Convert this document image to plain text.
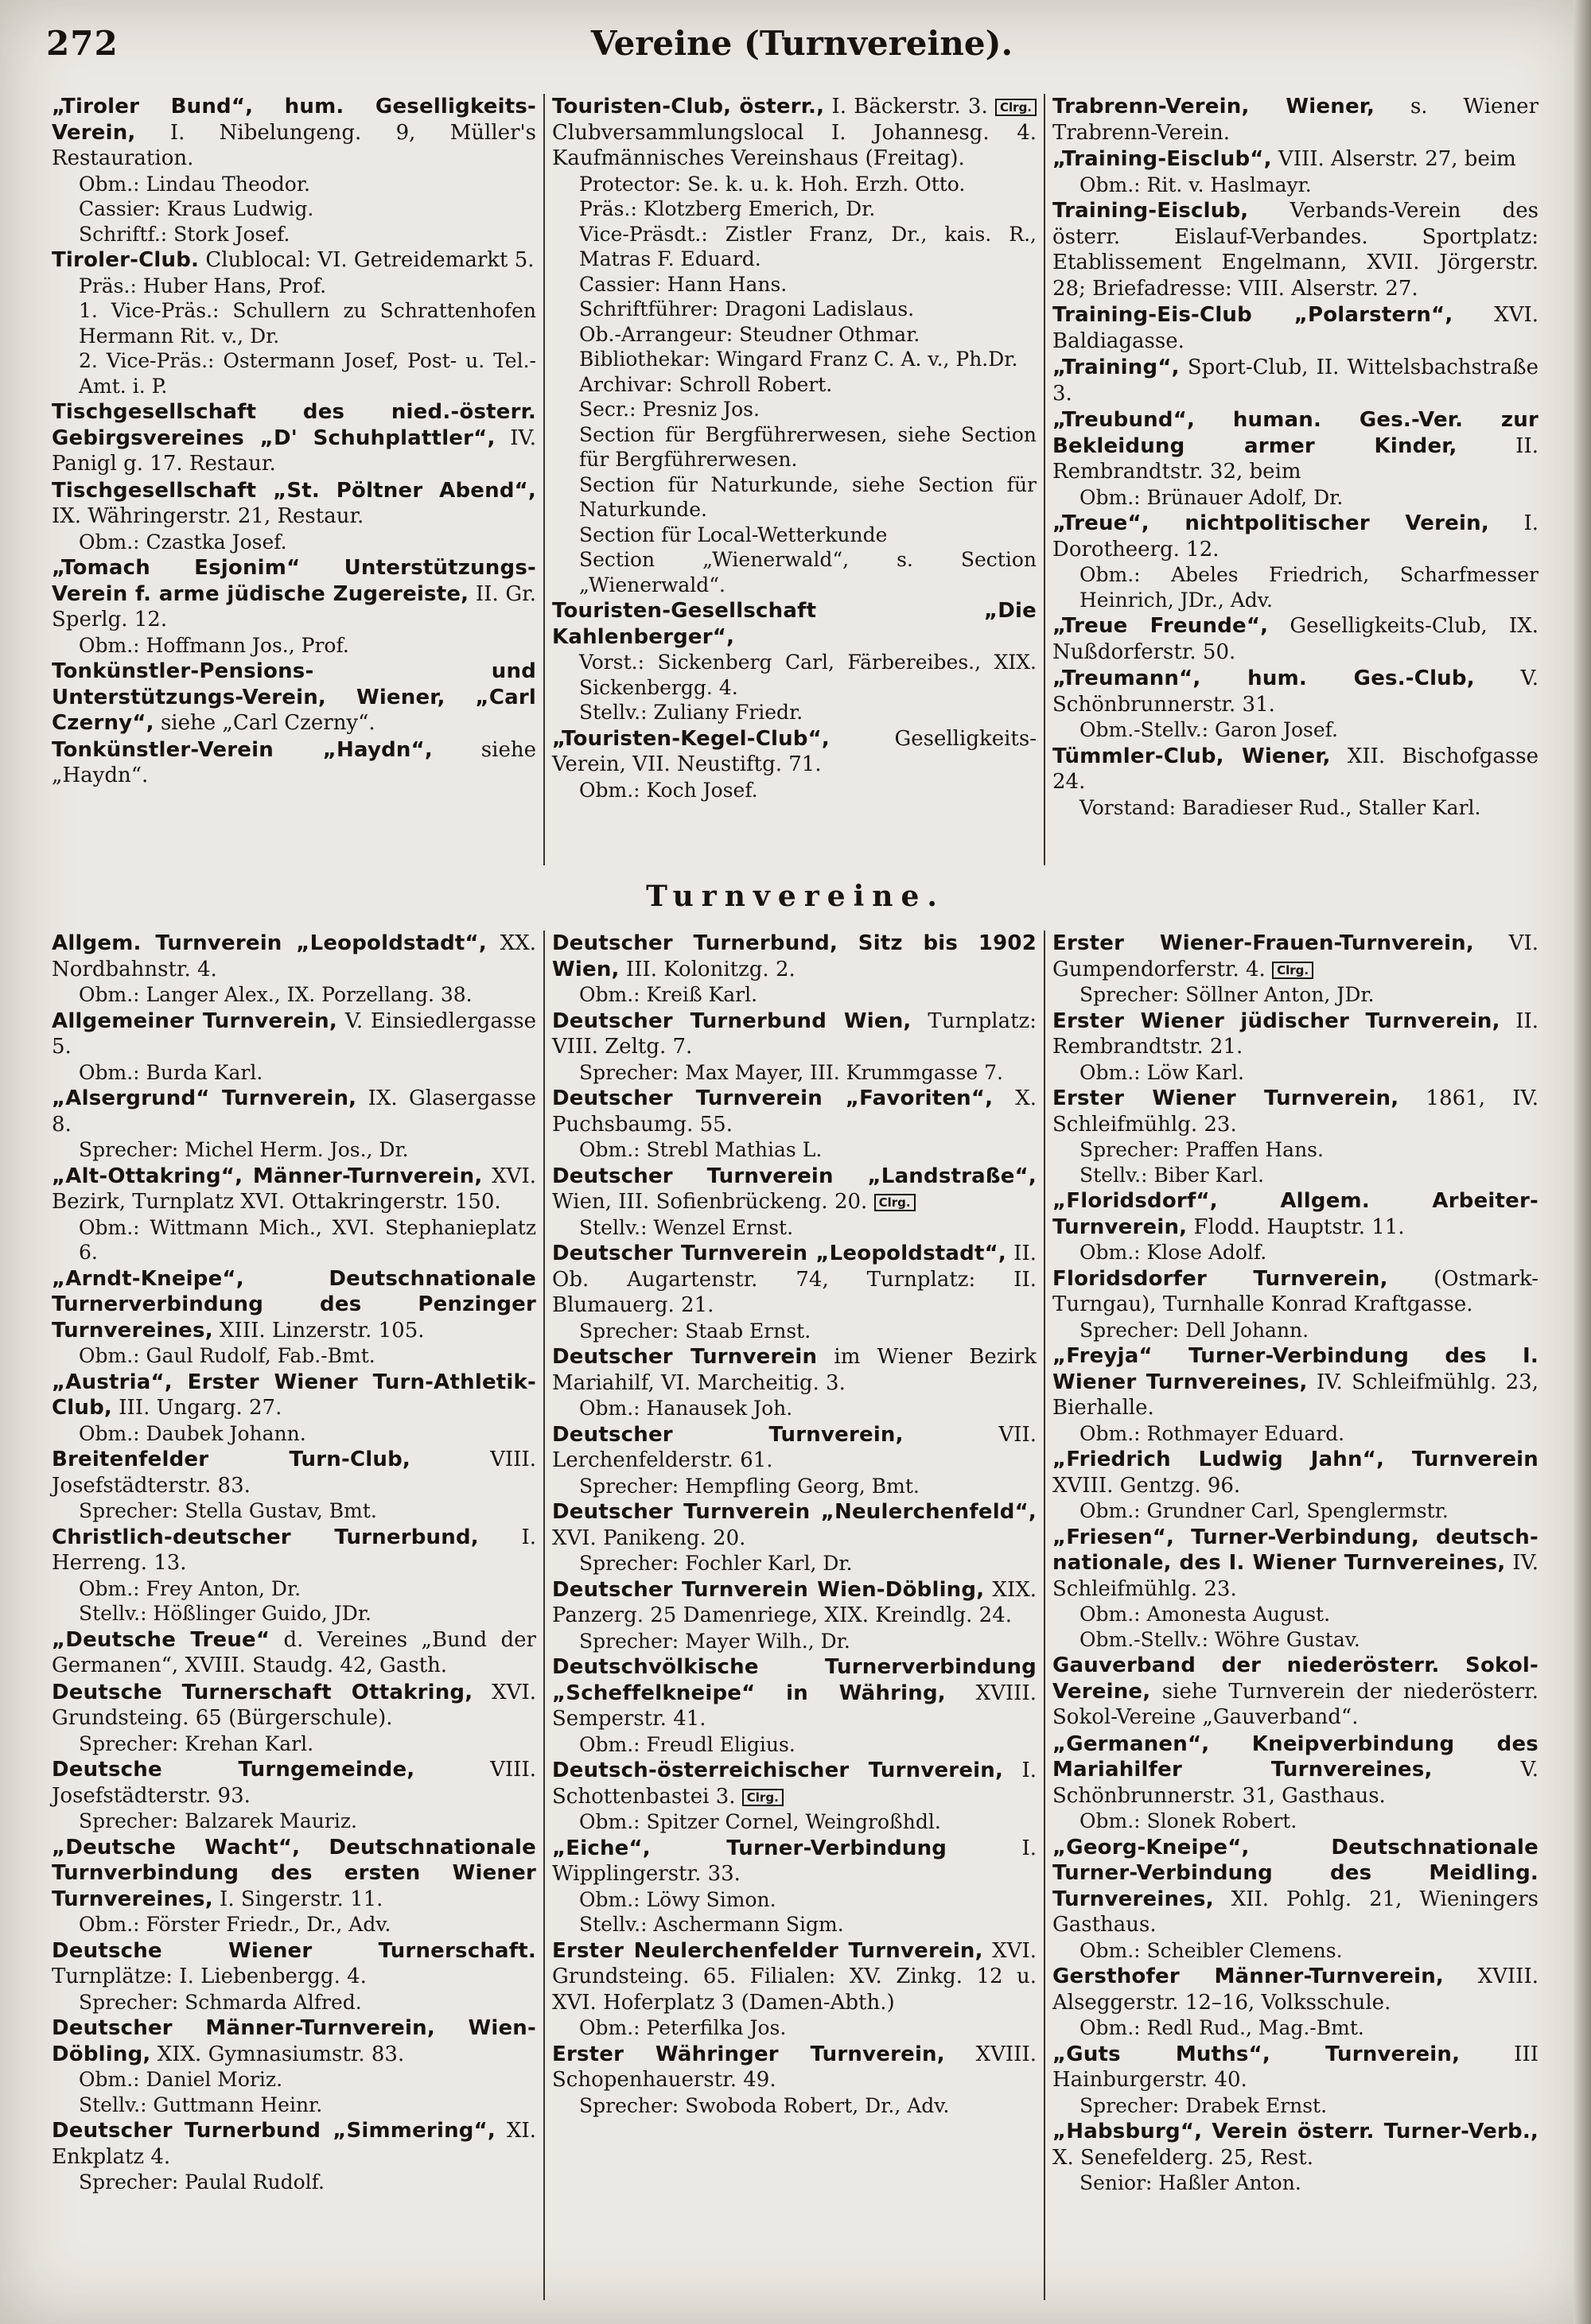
272	Vereine (Turnvereine).
„Tiroler Bund“, hum. Geselligkeits-Verein, I. Nibelungeng. 9, Müller's Restauration.
Obm.: Lindau Theodor.
Cassier: Kraus Ludwig.
Schriftf.: Stork Josef.
Tiroler-Club. Clublocal: VI. Getreidemarkt 5.
Präs.: Huber Hans, Prof.
1. Vice-Präs.: Schullern zu Schrattenhofen Hermann Rit. v., Dr.
2. Vice-Präs.: Ostermann Josef, Post- u. Tel.-Amt. i. P.
Tischgesellschaft des nied.-österr. Gebirgsvereines „D' Schuhplattler“, IV. Panigl g. 17. Restaur.
Tischgesellschaft „St. Pöltner Abend“, IX. Währingerstr. 21, Restaur.
Obm.: Czastka Josef.
„Tomach Esjonim“ Unterstützungs-Verein f. arme jüdische Zugereiste, II. Gr. Sperlg. 12.
Obm.: Hoffmann Jos., Prof.
Tonkünstler-Pensions- und Unterstützungs-Verein, Wiener, „Carl Czerny“, siehe „Carl Czerny“.
Tonkünstler-Verein „Haydn“, siehe „Haydn“.
Touristen-Club, österr., I. Bäckerstr. 3. Clrg. Clubversammlungslocal I. Johannesg. 4. Kaufmännisches Vereinshaus (Freitag).
Protector: Se. k. u. k. Hoh. Erzh. Otto.
Präs.: Klotzberg Emerich, Dr.
Vice-Präsdt.: Zistler Franz, Dr., kais. R., Matras F. Eduard.
Cassier: Hann Hans.
Schriftführer: Dragoni Ladislaus.
Ob.-Arrangeur: Steudner Othmar.
Bibliothekar: Wingard Franz C. A. v., Ph.Dr.
Archivar: Schroll Robert.
Secr.: Presniz Jos.
Section für Bergführerwesen, siehe Section für Bergführerwesen.
Section für Naturkunde, siehe Section für Naturkunde.
Section für Local-Wetterkunde
Section „Wienerwald“, s. Section „Wienerwald“.
Touristen-Gesellschaft „Die Kahlenberger“,
Vorst.: Sickenberg Carl, Färbereibes., XIX. Sickenbergg. 4.
Stellv.: Zuliany Friedr.
„Touristen-Kegel-Club“, Geselligkeits-Verein, VII. Neustiftg. 71.
Obm.: Koch Josef.
Trabrenn-Verein, Wiener, s. Wiener Trabrenn-Verein.
„Training-Eisclub“, VIII. Alserstr. 27, beim
Obm.: Rit. v. Haslmayr.
Training-Eisclub, Verbands-Verein des österr. Eislauf-Verbandes. Sportplatz: Etablissement Engelmann, XVII. Jörgerstr. 28; Briefadresse: VIII. Alserstr. 27.
Training-Eis-Club „Polarstern“, XVI. Baldiagasse.
„Training“, Sport-Club, II. Wittelsbachstraße 3.
„Treubund“, human. Ges.-Ver. zur Bekleidung armer Kinder, II. Rembrandtstr. 32, beim
Obm.: Brünauer Adolf, Dr.
„Treue“, nichtpolitischer Verein, I. Dorotheerg. 12.
Obm.: Abeles Friedrich, Scharfmesser Heinrich, JDr., Adv.
„Treue Freunde“, Geselligkeits-Club, IX. Nußdorferstr. 50.
„Treumann“, hum. Ges.-Club, V. Schönbrunnerstr. 31.
Obm.-Stellv.: Garon Josef.
Tümmler-Club, Wiener, XII. Bischofgasse 24.
Vorstand: Baradieser Rud., Staller Karl.
Turnvereine.
Allgem. Turnverein „Leopoldstadt“, XX. Nordbahnstr. 4.
Obm.: Langer Alex., IX. Porzellang. 38.
Allgemeiner Turnverein, V. Einsiedlergasse 5.
Obm.: Burda Karl.
„Alsergrund“ Turnverein, IX. Glasergasse 8.
Sprecher: Michel Herm. Jos., Dr.
„Alt-Ottakring“, Männer-Turnverein, XVI. Bezirk, Turnplatz XVI. Ottakringerstr. 150.
Obm.: Wittmann Mich., XVI. Stephanieplatz 6.
„Arndt-Kneipe“, Deutschnationale Turnerverbindung des Penzinger Turnvereines, XIII. Linzerstr. 105.
Obm.: Gaul Rudolf, Fab.-Bmt.
„Austria“, Erster Wiener Turn-Athletik-Club, III. Ungarg. 27.
Obm.: Daubek Johann.
Breitenfelder Turn-Club, VIII. Josefstädterstr. 83.
Sprecher: Stella Gustav, Bmt.
Christlich-deutscher Turnerbund, I. Herreng. 13.
Obm.: Frey Anton, Dr.
Stellv.: Hößlinger Guido, JDr.
„Deutsche Treue“ d. Vereines „Bund der Germanen“, XVIII. Staudg. 42, Gasth.
Deutsche Turnerschaft Ottakring, XVI. Grundsteing. 65 (Bürgerschule).
Sprecher: Krehan Karl.
Deutsche Turngemeinde, VIII. Josefstädterstr. 93.
Sprecher: Balzarek Mauriz.
„Deutsche Wacht“, Deutschnationale Turnverbindung des ersten Wiener Turnvereines, I. Singerstr. 11.
Obm.: Förster Friedr., Dr., Adv.
Deutsche Wiener Turnerschaft. Turnplätze: I. Liebenbergg. 4.
Sprecher: Schmarda Alfred.
Deutscher Männer-Turnverein, Wien-Döbling, XIX. Gymnasiumstr. 83.
Obm.: Daniel Moriz.
Stellv.: Guttmann Heinr.
Deutscher Turnerbund „Simmering“, XI. Enkplatz 4.
Sprecher: Paulal Rudolf.
Deutscher Turnerbund, Sitz bis 1902 Wien, III. Kolonitzg. 2.
Obm.: Kreiß Karl.
Deutscher Turnerbund Wien, Turnplatz: VIII. Zeltg. 7.
Sprecher: Max Mayer, III. Krummgasse 7.
Deutscher Turnverein „Favoriten“, X. Puchsbaumg. 55.
Obm.: Strebl Mathias L.
Deutscher Turnverein „Landstraße“, Wien, III. Sofienbrückeng. 20. Clrg.
Stellv.: Wenzel Ernst.
Deutscher Turnverein „Leopoldstadt“, II. Ob. Augartenstr. 74, Turnplatz: II. Blumauerg. 21.
Sprecher: Staab Ernst.
Deutscher Turnverein im Wiener Bezirk Mariahilf, VI. Marcheitig. 3.
Obm.: Hanausek Joh.
Deutscher Turnverein, VII. Lerchenfelderstr. 61.
Sprecher: Hempfling Georg, Bmt.
Deutscher Turnverein „Neulerchenfeld“, XVI. Panikeng. 20.
Sprecher: Fochler Karl, Dr.
Deutscher Turnverein Wien-Döbling, XIX. Panzerg. 25 Damenriege, XIX. Kreindlg. 24.
Sprecher: Mayer Wilh., Dr.
Deutschvölkische Turnerverbindung „Scheffelkneipe“ in Währing, XVIII. Semperstr. 41.
Obm.: Freudl Eligius.
Deutsch-österreichischer Turnverein, I. Schottenbastei 3. Clrg.
Obm.: Spitzer Cornel, Weingroßhdl.
„Eiche“, Turner-Verbindung I. Wipplingerstr. 33.
Obm.: Löwy Simon.
Stellv.: Aschermann Sigm.
Erster Neulerchenfelder Turnverein, XVI. Grundsteing. 65. Filialen: XV. Zinkg. 12 u. XVI. Hoferplatz 3 (Damen-Abth.)
Obm.: Peterfilka Jos.
Erster Währinger Turnverein, XVIII. Schopenhauerstr. 49.
Sprecher: Swoboda Robert, Dr., Adv.
Erster Wiener-Frauen-Turnverein, VI. Gumpendorferstr. 4. Clrg.
Sprecher: Söllner Anton, JDr.
Erster Wiener jüdischer Turnverein, II. Rembrandtstr. 21.
Obm.: Löw Karl.
Erster Wiener Turnverein, 1861, IV. Schleifmühlg. 23.
Sprecher: Praffen Hans.
Stellv.: Biber Karl.
„Floridsdorf“, Allgem. Arbeiter-Turnverein, Flodd. Hauptstr. 11.
Obm.: Klose Adolf.
Floridsdorfer Turnverein, (Ostmark-Turngau), Turnhalle Konrad Kraftgasse.
Sprecher: Dell Johann.
„Freyja“ Turner-Verbindung des I. Wiener Turnvereines, IV. Schleifmühlg. 23, Bierhalle.
Obm.: Rothmayer Eduard.
„Friedrich Ludwig Jahn“, Turnverein XVIII. Gentzg. 96.
Obm.: Grundner Carl, Spenglermstr.
„Friesen“, Turner-Verbindung, deutsch-nationale, des I. Wiener Turnvereines, IV. Schleifmühlg. 23.
Obm.: Amonesta August.
Obm.-Stellv.: Wöhre Gustav.
Gauverband der niederösterr. Sokol-Vereine, siehe Turnverein der niederösterr. Sokol-Vereine „Gauverband“.
„Germanen“, Kneipverbindung des Mariahilfer Turnvereines, V. Schönbrunnerstr. 31, Gasthaus.
Obm.: Slonek Robert.
„Georg-Kneipe“, Deutschnationale Turner-Verbindung des Meidling. Turnvereines, XII. Pohlg. 21, Wieningers Gasthaus.
Obm.: Scheibler Clemens.
Gersthofer Männer-Turnverein, XVIII. Alseggerstr. 12–16, Volksschule.
Obm.: Redl Rud., Mag.-Bmt.
„Guts Muths“, Turnverein, III Hainburgerstr. 40.
Sprecher: Drabek Ernst.
„Habsburg“, Verein österr. Turner-Verb., X. Senefelderg. 25, Rest.
Senior: Haßler Anton.
